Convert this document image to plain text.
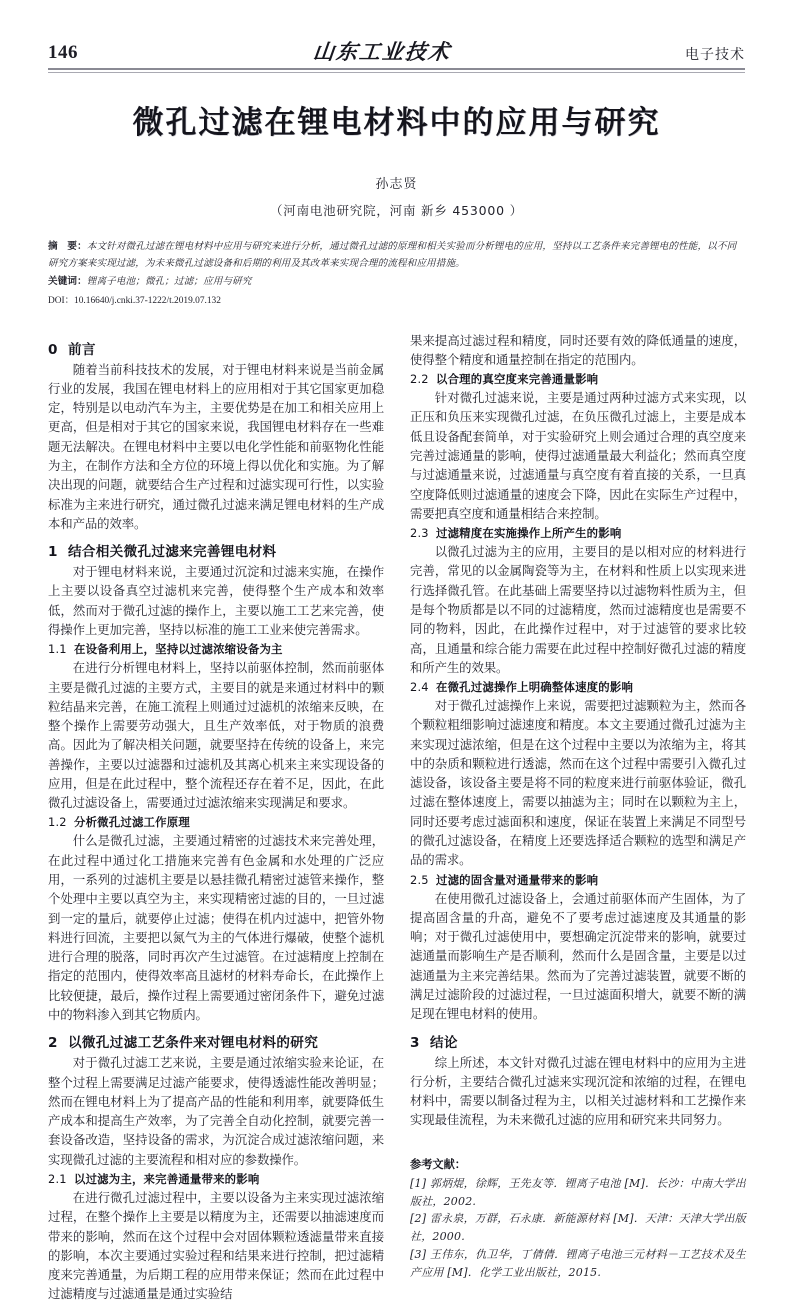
146	山东工业技术	电子技术
微孔过滤在锂电材料中的应用与研究
孙志贤
（河南电池研究院，河南 新乡 453000 ）
摘　要：本文针对微孔过滤在锂电材料中应用与研究来进行分析，通过微孔过滤的原理和相关实验而分析锂电的应用，坚持以工艺条件来完善锂电的性能，以不同研究方案来实现过滤，为未来微孔过滤设备和后期的利用及其改革来实现合理的流程和应用措施。
关键词：锂离子电池；微孔；过滤；应用与研究
DOI：10.16640/j.cnki.37-1222/t.2019.07.132
0 前言

随着当前科技技术的发展，对于锂电材料来说是当前金属行业的发展，我国在锂电材料上的应用相对于其它国家更加稳定，特别是以电动汽车为主，主要优势是在加工和相关应用上更高，但是相对于其它的国家来说，我国锂电材料存在一些难题无法解决。在锂电材料中主要以电化学性能和前驱物化性能为主，在制作方法和全方位的环境上得以优化和实施。为了解决出现的问题，就要结合生产过程和过滤实现可行性，以实验标准为主来进行研究，通过微孔过滤来满足锂电材料的生产成本和产品的效率。

1 结合相关微孔过滤来完善锂电材料

对于锂电材料来说，主要通过沉淀和过滤来实施，在操作上主要以设备真空过滤机来完善，使得整个生产成本和效率低，然而对于微孔过滤的操作上，主要以施工工艺来完善，使得操作上更加完善，坚持以标准的施工工业来使完善需求。

1.1 在设备利用上，坚持以过滤浓缩设备为主

在进行分析锂电材料上，坚持以前驱体控制，然而前驱体主要是微孔过滤的主要方式，主要目的就是来通过材料中的颗粒结晶来完善，在施工流程上则通过过滤机的浓缩来反映，在整个操作上需要劳动强大，且生产效率低，对于物质的浪费高。因此为了解决相关问题，就要坚持在传统的设备上，来完善操作，主要以过滤器和过滤机及其离心机来主来实现设备的应用，但是在此过程中，整个流程还存在着不足，因此，在此微孔过滤设备上，需要通过过滤浓缩来实现满足和要求。

1.2 分析微孔过滤工作原理

什么是微孔过滤，主要通过精密的过滤技术来完善处理，在此过程中通过化工措施来完善有色金属和水处理的广泛应用，一系列的过滤机主要是以悬挂微孔精密过滤管来操作，整个处理中主要以真空为主，来实现精密过滤的目的，一旦过滤到一定的量后，就要停止过滤；使得在机内过滤中，把管外物料进行回流，主要把以氮气为主的气体进行爆破，使整个滤机进行合理的脱落，同时再次产生过滤管。在过滤精度上控制在指定的范围内，使得效率高且滤材的材料寿命长，在此操作上比较便捷，最后，操作过程上需要通过密闭条件下，避免过滤中的物料渗入到其它物质内。

2 以微孔过滤工艺条件来对锂电材料的研究

对于微孔过滤工艺来说，主要是通过浓缩实验来论证，在整个过程上需要满足过滤产能要求，使得透滤性能改善明显；然而在锂电材料上为了提高产品的性能和利用率，就要降低生产成本和提高生产效率，为了完善全自动化控制，就要完善一套设备改造，坚持设备的需求，为沉淀合成过滤浓缩问题，来实现微孔过滤的主要流程和相对应的参数操作。

2.1 以过滤为主，来完善通量带来的影响

在进行微孔过滤过程中，主要以设备为主来实现过滤浓缩过程，在整个操作上主要是以精度为主，还需要以抽滤速度而带来的影响，然而在这个过程中会对固体颗粒透滤量带来直接的影响，本次主要通过实验过程和结果来进行控制，把过滤精度来完善通量，为后期工程的应用带来保证；然而在此过程中过滤精度与过滤通量是通过实验结

果来提高过滤过程和精度，同时还要有效的降低通量的速度，使得整个精度和通量控制在指定的范围内。

2.2 以合理的真空度来完善通量影响

针对微孔过滤来说，主要是通过两种过滤方式来实现，以正压和负压来实现微孔过滤，在负压微孔过滤上，主要是成本低且设备配套简单，对于实验研究上则会通过合理的真空度来完善过滤通量的影响，使得过滤通量最大利益化；然而真空度与过滤通量来说，过滤通量与真空度有着直接的关系，一旦真空度降低则过滤通量的速度会下降，因此在实际生产过程中，需要把真空度和通量相结合来控制。

2.3 过滤精度在实施操作上所产生的影响

以微孔过滤为主的应用，主要目的是以相对应的材料进行完善，常见的以金属陶瓷等为主，在材料和性质上以实现来进行选择微孔管。在此基础上需要坚持以过滤物料性质为主，但是每个物质都是以不同的过滤精度，然而过滤精度也是需要不同的物料，因此，在此操作过程中，对于过滤管的要求比较高，且通量和综合能力需要在此过程中控制好微孔过滤的精度和所产生的效果。

2.4 在微孔过滤操作上明确整体速度的影响

对于微孔过滤操作上来说，需要把过滤颗粒为主，然而各个颗粒粗细影响过滤速度和精度。本文主要通过微孔过滤为主来实现过滤浓缩，但是在这个过程中主要以为浓缩为主，将其中的杂质和颗粒进行透滤，然而在这个过程中需要引入微孔过滤设备，该设备主要是将不同的粒度来进行前驱体验证，微孔过滤在整体速度上，需要以抽滤为主；同时在以颗粒为主上，同时还要考虑过滤面积和速度，保证在装置上来满足不同型号的微孔过滤设备，在精度上还要选择适合颗粒的选型和满足产品的需求。

2.5 过滤的固含量对通量带来的影响

在使用微孔过滤设备上，会通过前驱体而产生固体，为了提高固含量的升高，避免不了要考虑过滤速度及其通量的影响；对于微孔过滤使用中，要想确定沉淀带来的影响，就要过滤通量而影响生产是否顺利，然而什么是固含量，主要是以过滤通量为主来完善结果。然而为了完善过滤装置，就要不断的满足过滤阶段的过滤过程，一旦过滤面积增大，就要不断的满足现在锂电材料的使用。

3 结论

综上所述，本文针对微孔过滤在锂电材料中的应用为主进行分析，主要结合微孔过滤来实现沉淀和浓缩的过程，在锂电材料中，需要以制备过程为主，以相关过滤材料和工艺操作来实现最佳流程，为未来微孔过滤的应用和研究来共同努力。

参考文献：

[1] 郭炳焜，徐辉，王先友等．锂离子电池 [M]．长沙：中南大学出版社，2002.

[2] 雷永泉，万群，石永康．新能源材料 [M]．天津：天津大学出版社，2000.

[3] 王伟东，仇卫华，丁倩倩．锂离子电池三元材料－工艺技术及生产应用 [M]．化学工业出版社，2015.
